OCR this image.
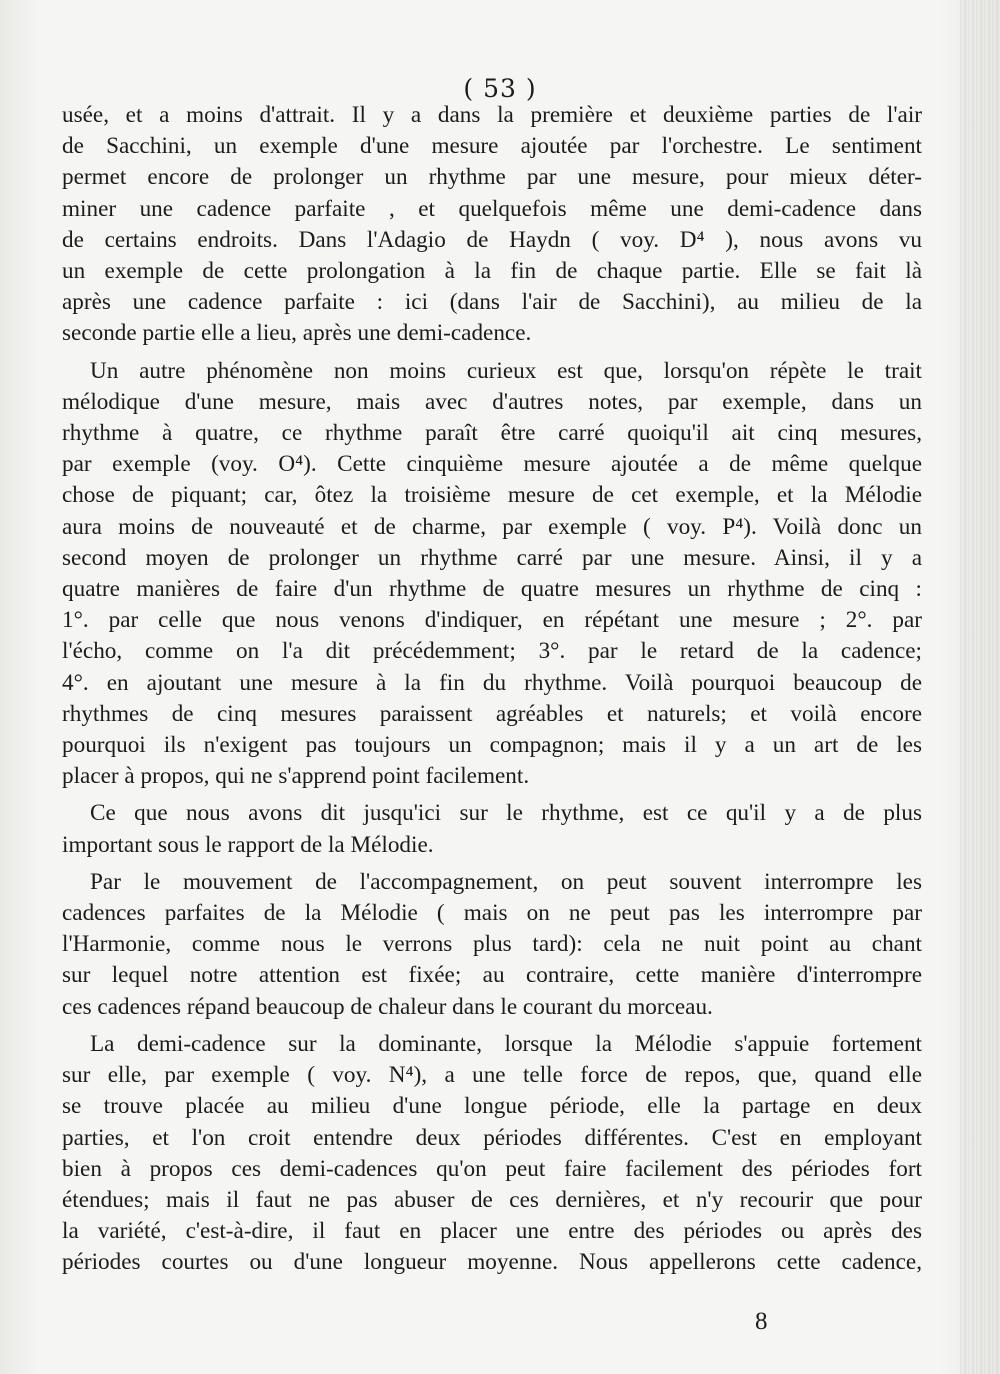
( 53 )

usée, et a moins d'attrait. Il y a dans la première et deuxième parties de l'air
de Sacchini, un exemple d'une mesure ajoutée par l'orchestre. Le sentiment
permet encore de prolonger un rhythme par une mesure, pour mieux déter-
miner une cadence parfaite , et quelquefois même une demi-cadence dans
de certains endroits. Dans l'Adagio de Haydn ( voy. D⁴ ), nous avons vu
un exemple de cette prolongation à la fin de chaque partie. Elle se fait là
après une cadence parfaite : ici (dans l'air de Sacchini), au milieu de la
seconde partie elle a lieu, après une demi-cadence.

Un autre phénomène non moins curieux est que, lorsqu'on répète le trait
mélodique d'une mesure, mais avec d'autres notes, par exemple, dans un
rhythme à quatre, ce rhythme paraît être carré quoiqu'il ait cinq mesures,
par exemple (voy. O⁴). Cette cinquième mesure ajoutée a de même quelque
chose de piquant; car, ôtez la troisième mesure de cet exemple, et la Mélodie
aura moins de nouveauté et de charme, par exemple ( voy. P⁴). Voilà donc un
second moyen de prolonger un rhythme carré par une mesure. Ainsi, il y a
quatre manières de faire d'un rhythme de quatre mesures un rhythme de cinq :
1°. par celle que nous venons d'indiquer, en répétant une mesure ; 2°. par
l'écho, comme on l'a dit précédemment; 3°. par le retard de la cadence;
4°. en ajoutant une mesure à la fin du rhythme. Voilà pourquoi beaucoup de
rhythmes de cinq mesures paraissent agréables et naturels; et voilà encore
pourquoi ils n'exigent pas toujours un compagnon; mais il y a un art de les
placer à propos, qui ne s'apprend point facilement.

Ce que nous avons dit jusqu'ici sur le rhythme, est ce qu'il y a de plus
important sous le rapport de la Mélodie.

Par le mouvement de l'accompagnement, on peut souvent interrompre les
cadences parfaites de la Mélodie ( mais on ne peut pas les interrompre par
l'Harmonie, comme nous le verrons plus tard): cela ne nuit point au chant
sur lequel notre attention est fixée; au contraire, cette manière d'interrompre
ces cadences répand beaucoup de chaleur dans le courant du morceau.

La demi-cadence sur la dominante, lorsque la Mélodie s'appuie fortement
sur elle, par exemple ( voy. N⁴), a une telle force de repos, que, quand elle
se trouve placée au milieu d'une longue période, elle la partage en deux
parties, et l'on croit entendre deux périodes différentes. C'est en employant
bien à propos ces demi-cadences qu'on peut faire facilement des périodes fort
étendues; mais il faut ne pas abuser de ces dernières, et n'y recourir que pour
la variété, c'est-à-dire, il faut en placer une entre des périodes ou après des
périodes courtes ou d'une longueur moyenne. Nous appellerons cette cadence,

8
